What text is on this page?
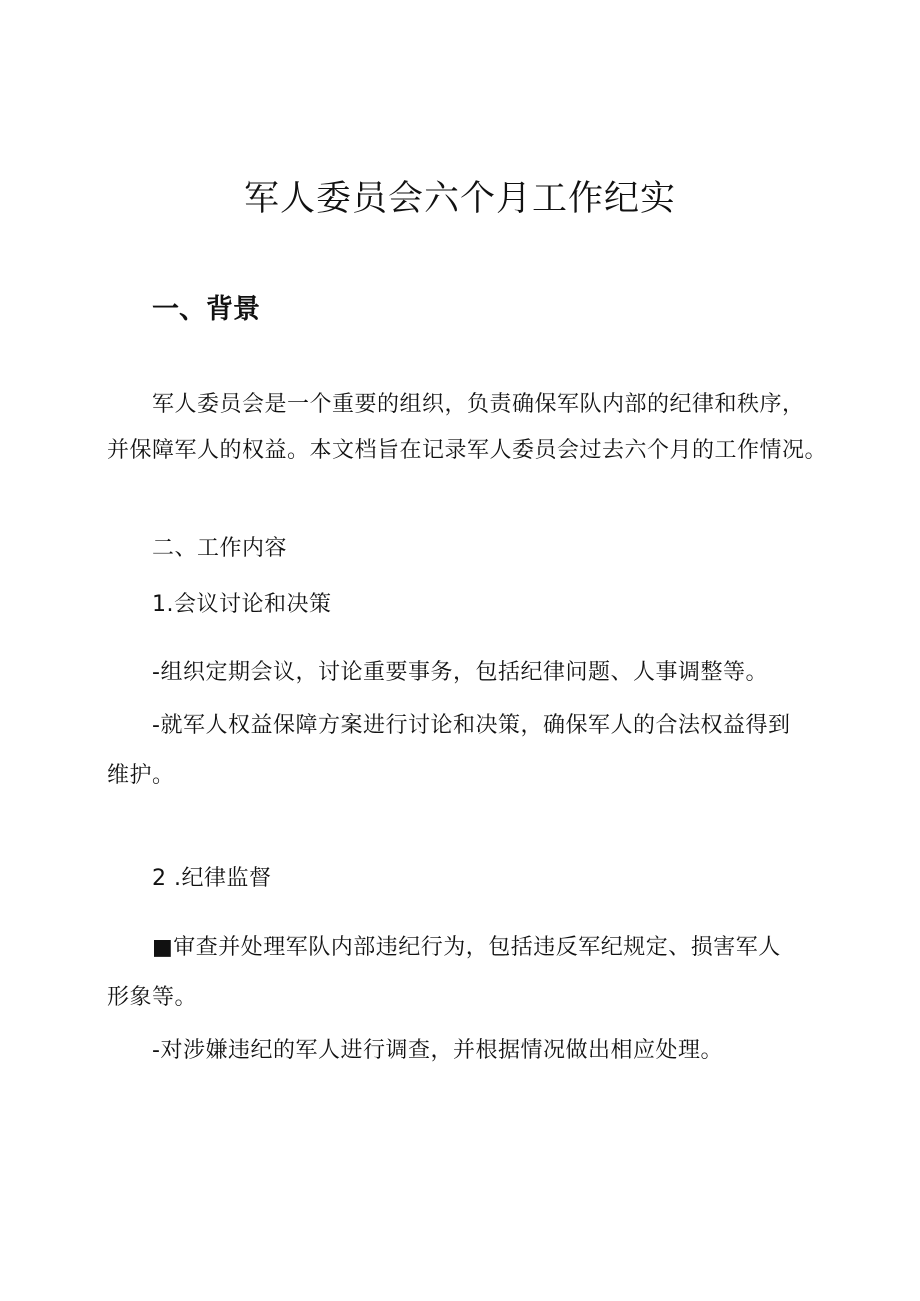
军人委员会六个月工作纪实
一、背景

军人委员会是一个重要的组织，负责确保军队内部的纪律和秩序，

并保障军人的权益。本文档旨在记录军人委员会过去六个月的工作情况。

二、工作内容

1.会议讨论和决策

-组织定期会议，讨论重要事务，包括纪律问题、人事调整等。

-就军人权益保障方案进行讨论和决策，确保军人的合法权益得到

维护。

2 .纪律监督

■审查并处理军队内部违纪行为，包括违反军纪规定、损害军人

形象等。

-对涉嫌违纪的军人进行调查，并根据情况做出相应处理。
